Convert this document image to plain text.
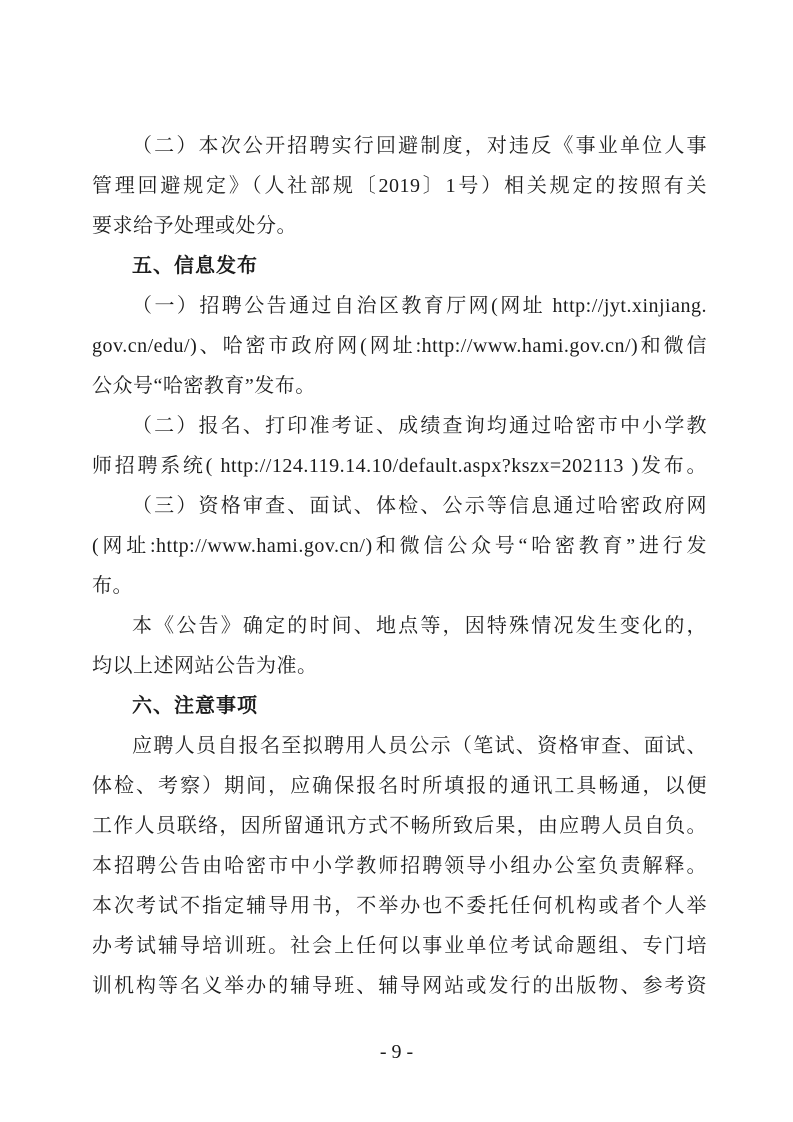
（二）本次公开招聘实行回避制度，对违反《事业单位人事
管理回避规定》（人社部规〔2019〕1号）相关规定的按照有关
要求给予处理或处分。
五、信息发布
（一）招聘公告通过自治区教育厅网(网址 http://jyt.xinjiang.
gov.cn/edu/)、哈密市政府网(网址:http://www.hami.gov.cn/)和微信
公众号“哈密教育”发布。
（二）报名、打印准考证、成绩查询均通过哈密市中小学教
师招聘系统( http://124.119.14.10/default.aspx?kszx=202113 )发布。
（三）资格审查、面试、体检、公示等信息通过哈密政府网
(网址:http://www.hami.gov.cn/)和微信公众号“哈密教育”进行发
布。
本《公告》确定的时间、地点等，因特殊情况发生变化的，
均以上述网站公告为准。
六、注意事项
应聘人员自报名至拟聘用人员公示（笔试、资格审查、面试、
体检、考察）期间，应确保报名时所填报的通讯工具畅通，以便
工作人员联络，因所留通讯方式不畅所致后果，由应聘人员自负。
本招聘公告由哈密市中小学教师招聘领导小组办公室负责解释。
本次考试不指定辅导用书，不举办也不委托任何机构或者个人举
办考试辅导培训班。社会上任何以事业单位考试命题组、专门培
训机构等名义举办的辅导班、辅导网站或发行的出版物、参考资
- 9 -
